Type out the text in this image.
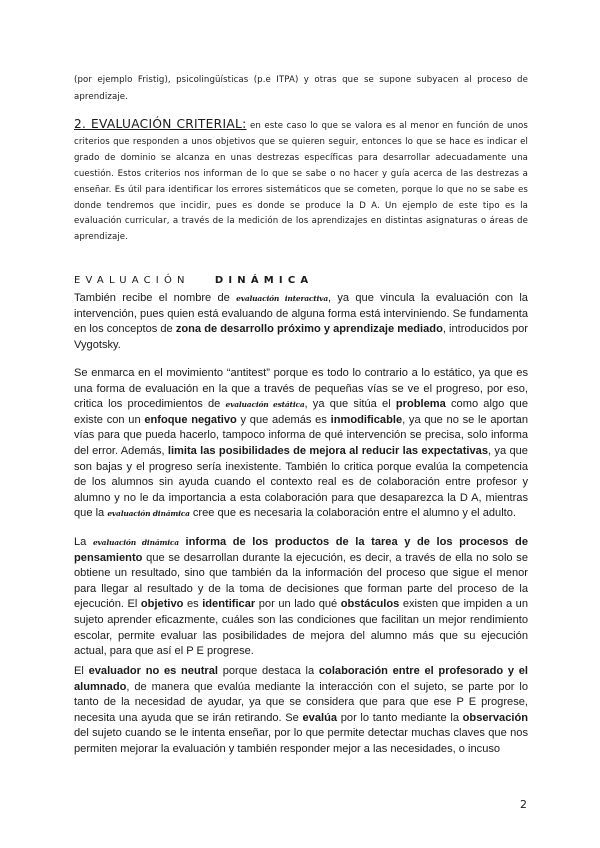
(por ejemplo Fristig), psicolingüísticas (p.e ITPA) y otras que se supone subyacen al proceso de aprendizaje.
2. EVALUACIÓN CRITERIAL: en este caso lo que se valora es al menor en función de unos criterios que responden a unos objetivos que se quieren seguir, entonces lo que se hace es indicar el grado de dominio se alcanza en unas destrezas específicas para desarrollar adecuadamente una cuestión. Estos criterios nos informan de lo que se sabe o no hacer y guía acerca de las destrezas a enseñar. Es útil para identificar los errores sistemáticos que se cometen, porque lo que no se sabe es donde tendremos que incidir, pues es donde se produce la D A. Un ejemplo de este tipo es la evaluación curricular, a través de la medición de los aprendizajes en distintas asignaturas o áreas de aprendizaje.
EVALUACIÓN	DINÁMICA
También recibe el nombre de evaluación interactiva, ya que vincula la evaluación con la intervención, pues quien está evaluando de alguna forma está interviniendo. Se fundamenta en los conceptos de zona de desarrollo próximo y aprendizaje mediado, introducidos por Vygotsky.
Se enmarca en el movimiento “antitest” porque es todo lo contrario a lo estático, ya que es una forma de evaluación en la que a través de pequeñas vías se ve el progreso, por eso, critica los procedimientos de evaluación estática, ya que sitúa el problema como algo que existe con un enfoque negativo y que además es inmodificable, ya que no se le aportan vías para que pueda hacerlo, tampoco informa de qué intervención se precisa, solo informa del error. Además, limita las posibilidades de mejora al reducir las expectativas, ya que son bajas y el progreso sería inexistente. También lo critica porque evalúa la competencia de los alumnos sin ayuda cuando el contexto real es de colaboración entre profesor y alumno y no le da importancia a esta colaboración para que desaparezca la D A, mientras que la evaluación dinámica cree que es necesaria la colaboración entre el alumno y el adulto.
La evaluación dinámica informa de los productos de la tarea y de los procesos de pensamiento que se desarrollan durante la ejecución, es decir, a través de ella no solo se obtiene un resultado, sino que también da la información del proceso que sigue el menor para llegar al resultado y de la toma de decisiones que forman parte del proceso de la ejecución. El objetivo es identificar por un lado qué obstáculos existen que impiden a un sujeto aprender eficazmente, cuáles son las condiciones que facilitan un mejor rendimiento escolar, permite evaluar las posibilidades de mejora del alumno más que su ejecución actual, para que así el P E progrese.
El evaluador no es neutral porque destaca la colaboración entre el profesorado y el alumnado, de manera que evalúa mediante la interacción con el sujeto, se parte por lo tanto de la necesidad de ayudar, ya que se considera que para que ese P E progrese, necesita una ayuda que se irán retirando. Se evalúa por lo tanto mediante la observación del sujeto cuando se le intenta enseñar, por lo que permite detectar muchas claves que nos permiten mejorar la evaluación y también responder mejor a las necesidades, o incuso
2
